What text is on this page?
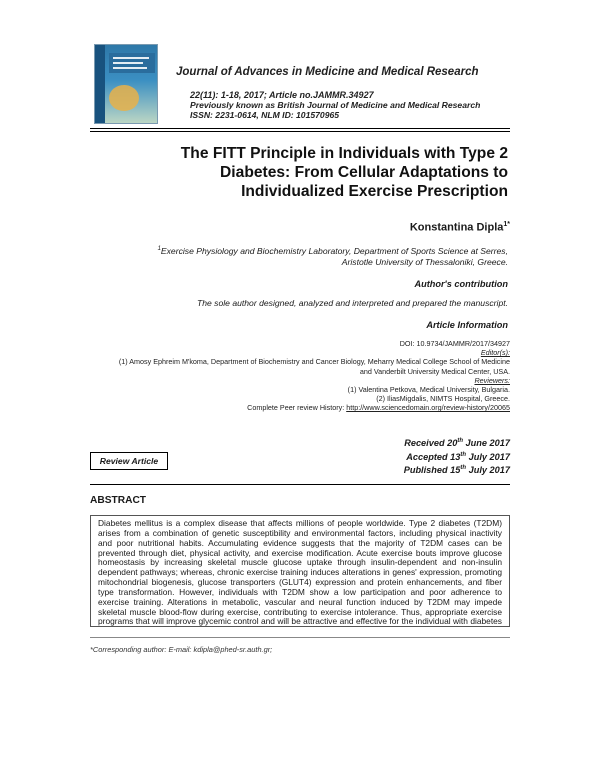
Journal of Advances in Medicine and Medical Research
22(11): 1-18, 2017; Article no.JAMMR.34927
Previously known as British Journal of Medicine and Medical Research
ISSN: 2231-0614, NLM ID: 101570965
The FITT Principle in Individuals with Type 2
Diabetes: From Cellular Adaptations to
Individualized Exercise Prescription
Konstantina Dipla$^{1*}$
$^1$Exercise Physiology and Biochemistry Laboratory, Department of Sports Science at Serres,
Aristotle University of Thessaloniki, Greece.
Author's contribution
The sole author designed, analyzed and interpreted and prepared the manuscript.
Article Information
DOI: 10.9734/JAMMR/2017/34927
Editor(s):
(1) Amosy Ephreim M'koma, Department of Biochemistry and Cancer Biology, Meharry Medical College School of Medicine
and Vanderbilt University Medical Center, USA.
Reviewers:
(1) Valentina Petkova, Medical University, Bulgaria.
(2) IliasMigdalis, NIMTS Hospital, Greece.
Complete Peer review History: http://www.sciencedomain.org/review-history/20065
Received 20th June 2017
Accepted 13th July 2017
Published 15th July 2017
Review Article
ABSTRACT

Diabetes mellitus is a complex disease that affects millions of people worldwide. Type 2 diabetes (T2DM) arises from a combination of genetic susceptibility and environmental factors, including physical inactivity and poor nutritional habits. Accumulating evidence suggests that the majority of T2DM cases can be prevented through diet, physical activity, and exercise modification. Acute exercise bouts improve glucose homeostasis by increasing skeletal muscle glucose uptake through insulin-dependent and non-insulin dependent pathways; whereas, chronic exercise training induces alterations in genes' expression, promoting mitochondrial biogenesis, glucose transporters (GLUT4) expression and protein enhancements, and fiber type transformation. However, individuals with T2DM show a low participation and poor adherence to exercise training. Alterations in metabolic, vascular and neural function induced by T2DM may impede skeletal muscle blood-flow during exercise, contributing to exercise intolerance. Thus, appropriate exercise programs that will improve glycemic control and will be attractive and effective for the individual with diabetes

*Corresponding author: E-mail: kdipla@phed-sr.auth.gr;
